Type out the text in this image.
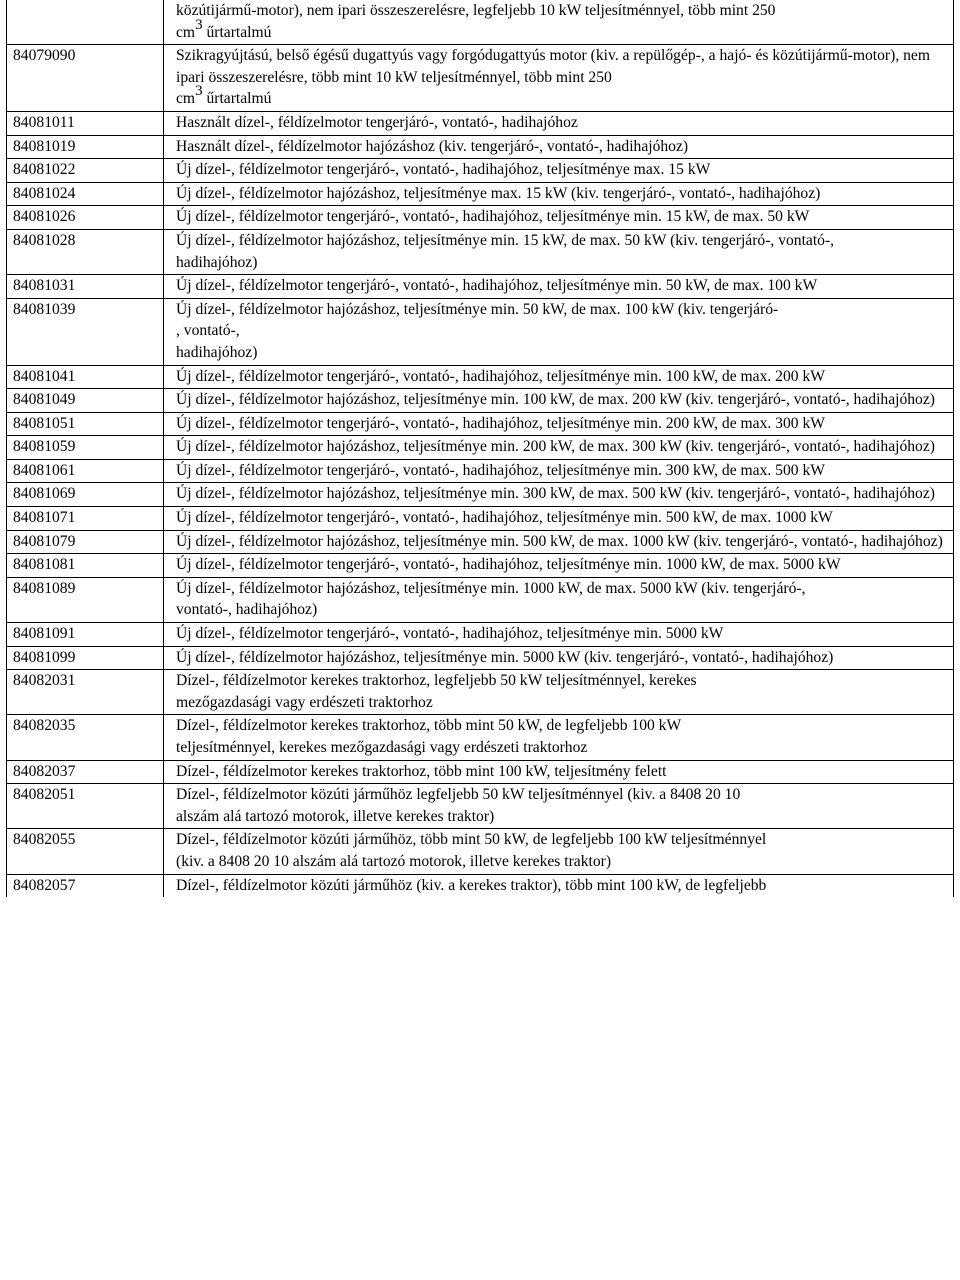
	közútijármű-motor), nem ipari összeszerelésre, legfeljebb 10 kW teljesítménnyel, több mint 250
$cm^3$ űrtartalmú
84079090	Szikragyújtású, belső égésű dugattyús vagy forgódugattyús motor (kiv. a repülőgép-, a hajó- és közútijármű-motor), nem ipari összeszerelésre, több mint 10 kW teljesítménnyel, több mint 250
$cm^3$ űrtartalmú
84081011	Használt dízel-, féldízelmotor tengerjáró-, vontató-, hadihajóhoz
84081019	Használt dízel-, féldízelmotor hajózáshoz (kiv. tengerjáró-, vontató-, hadihajóhoz)
84081022	Új dízel-, féldízelmotor tengerjáró-, vontató-, hadihajóhoz, teljesítménye max. 15 kW
84081024	Új dízel-, féldízelmotor hajózáshoz, teljesítménye max. 15 kW (kiv. tengerjáró-, vontató-, hadihajóhoz)
84081026	Új dízel-, féldízelmotor tengerjáró-, vontató-, hadihajóhoz, teljesítménye min. 15 kW, de max. 50 kW
84081028	Új dízel-, féldízelmotor hajózáshoz, teljesítménye min. 15 kW, de max. 50 kW (kiv. tengerjáró-, vontató-,
hadihajóhoz)
84081031	Új dízel-, féldízelmotor tengerjáró-, vontató-, hadihajóhoz, teljesítménye min. 50 kW, de max. 100 kW
84081039	Új dízel-, féldízelmotor hajózáshoz, teljesítménye min. 50 kW, de max. 100 kW (kiv. tengerjáró-
, vontató-,
hadihajóhoz)
84081041	Új dízel-, féldízelmotor tengerjáró-, vontató-, hadihajóhoz, teljesítménye min. 100 kW, de max. 200 kW
84081049	Új dízel-, féldízelmotor hajózáshoz, teljesítménye min. 100 kW, de max. 200 kW (kiv. tengerjáró-, vontató-, hadihajóhoz)
84081051	Új dízel-, féldízelmotor tengerjáró-, vontató-, hadihajóhoz, teljesítménye min. 200 kW, de max. 300 kW
84081059	Új dízel-, féldízelmotor hajózáshoz, teljesítménye min. 200 kW, de max. 300 kW (kiv. tengerjáró-, vontató-, hadihajóhoz)
84081061	Új dízel-, féldízelmotor tengerjáró-, vontató-, hadihajóhoz, teljesítménye min. 300 kW, de max. 500 kW
84081069	Új dízel-, féldízelmotor hajózáshoz, teljesítménye min. 300 kW, de max. 500 kW (kiv. tengerjáró-, vontató-, hadihajóhoz)
84081071	Új dízel-, féldízelmotor tengerjáró-, vontató-, hadihajóhoz, teljesítménye min. 500 kW, de max. 1000 kW
84081079	Új dízel-, féldízelmotor hajózáshoz, teljesítménye min. 500 kW, de max. 1000 kW (kiv. tengerjáró-, vontató-, hadihajóhoz)
84081081	Új dízel-, féldízelmotor tengerjáró-, vontató-, hadihajóhoz, teljesítménye min. 1000 kW, de max. 5000 kW
84081089	Új dízel-, féldízelmotor hajózáshoz, teljesítménye min. 1000 kW, de max. 5000 kW (kiv. tengerjáró-,
vontató-, hadihajóhoz)
84081091	Új dízel-, féldízelmotor tengerjáró-, vontató-, hadihajóhoz, teljesítménye min. 5000 kW
84081099	Új dízel-, féldízelmotor hajózáshoz, teljesítménye min. 5000 kW (kiv. tengerjáró-, vontató-, hadihajóhoz)
84082031	Dízel-, féldízelmotor kerekes traktorhoz, legfeljebb 50 kW teljesítménnyel, kerekes
mezőgazdasági vagy erdészeti traktorhoz
84082035	Dízel-, féldízelmotor kerekes traktorhoz, több mint 50 kW, de legfeljebb 100 kW
teljesítménnyel, kerekes mezőgazdasági vagy erdészeti traktorhoz
84082037	Dízel-, féldízelmotor kerekes traktorhoz, több mint 100 kW, teljesítmény felett
84082051	Dízel-, féldízelmotor közúti járműhöz legfeljebb 50 kW teljesítménnyel (kiv. a 8408 20 10
alszám alá tartozó motorok, illetve kerekes traktor)
84082055	Dízel-, féldízelmotor közúti járműhöz, több mint 50 kW, de legfeljebb 100 kW teljesítménnyel
(kiv. a 8408 20 10 alszám alá tartozó motorok, illetve kerekes traktor)
84082057	Dízel-, féldízelmotor közúti járműhöz (kiv. a kerekes traktor), több mint 100 kW, de legfeljebb
